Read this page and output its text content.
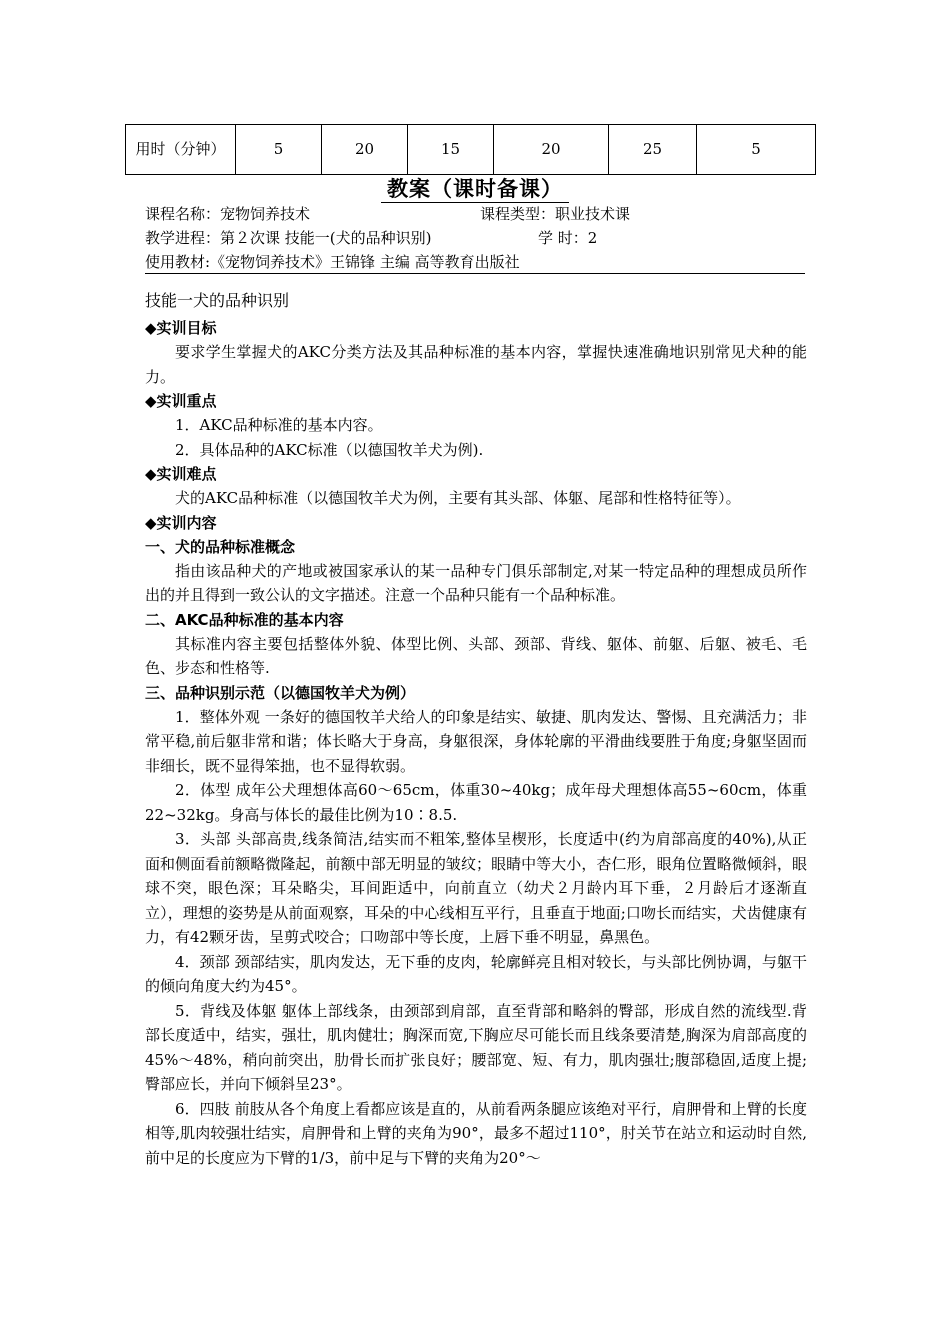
用时（分钟）	5	20	15	20	25	5
教案（课时备课）
课程名称：宠物饲养技术	课程类型：职业技术课
教学进程：第２次课 技能一(犬的品种识别)	学 时：2
使用教材:《宠物饲养技术》王锦锋 主编 高等教育出版社

技能一犬的品种识别

◆实训目标

要求学生掌握犬的AKC分类方法及其品种标准的基本内容，掌握快速准确地识别常见犬种的能力。

◆实训重点

1．AKC品种标准的基本内容。

2．具体品种的AKC标准（以德国牧羊犬为例).

◆实训难点

犬的AKC品种标准（以德国牧羊犬为例，主要有其头部、体躯、尾部和性格特征等）。

◆实训内容

一、犬的品种标准概念

指由该品种犬的产地或被国家承认的某一品种专门俱乐部制定,对某一特定品种的理想成员所作出的并且得到一致公认的文字描述。注意一个品种只能有一个品种标准。

二、AKC品种标准的基本内容

其标准内容主要包括整体外貌、体型比例、头部、颈部、背线、躯体、前躯、后躯、被毛、毛色、步态和性格等.

三、品种识别示范（以德国牧羊犬为例）

1．整体外观 一条好的德国牧羊犬给人的印象是结实、敏捷、肌肉发达、警惕、且充满活力；非常平稳,前后躯非常和谐；体长略大于身高，身躯很深，身体轮廓的平滑曲线要胜于角度;身躯坚固而非细长，既不显得笨拙，也不显得软弱。

2．体型 成年公犬理想体高60～65cm，体重30~40kg；成年母犬理想体高55~60cm，体重22~32kg。身高与体长的最佳比例为10∶8.5.

3．头部 头部高贵,线条简洁,结实而不粗笨,整体呈楔形，长度适中(约为肩部高度的40%),从正面和侧面看前额略微隆起，前额中部无明显的皱纹；眼睛中等大小，杏仁形，眼角位置略微倾斜，眼球不突，眼色深；耳朵略尖，耳间距适中，向前直立（幼犬２月龄内耳下垂，２月龄后才逐渐直立），理想的姿势是从前面观察，耳朵的中心线相互平行，且垂直于地面;口吻长而结实，犬齿健康有力，有42颗牙齿，呈剪式咬合；口吻部中等长度，上唇下垂不明显，鼻黑色。

4．颈部 颈部结实，肌肉发达，无下垂的皮肉，轮廓鲜亮且相对较长，与头部比例协调，与躯干的倾向角度大约为45°。

5．背线及体躯 躯体上部线条，由颈部到肩部，直至背部和略斜的臀部，形成自然的流线型.背部长度适中，结实，强壮，肌肉健壮；胸深而宽,下胸应尽可能长而且线条要清楚,胸深为肩部高度的45%～48%，稍向前突出，肋骨长而扩张良好；腰部宽、短、有力，肌肉强壮;腹部稳固,适度上提;臀部应长，并向下倾斜呈23°。

6．四肢 前肢从各个角度上看都应该是直的，从前看两条腿应该绝对平行，肩胛骨和上臂的长度相等,肌肉较强壮结实，肩胛骨和上臂的夹角为90°，最多不超过110°，肘关节在站立和运动时自然,前中足的长度应为下臂的1/3，前中足与下臂的夹角为20°～
